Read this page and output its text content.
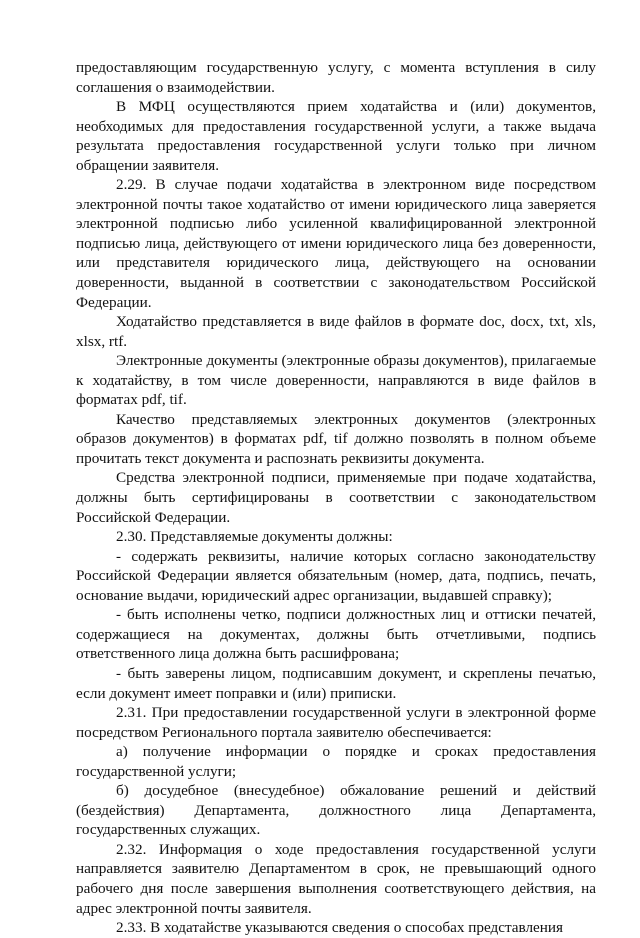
предоставляющим государственную услугу, с момента вступления в силу соглашения о взаимодействии.

В МФЦ осуществляются прием ходатайства и (или) документов, необходимых для предоставления государственной услуги, а также выдача результата предоставления государственной услуги только при личном обращении заявителя.

2.29. В случае подачи ходатайства в электронном виде посредством электронной почты такое ходатайство от имени юридического лица заверяется электронной подписью либо усиленной квалифицированной электронной подписью лица, действующего от имени юридического лица без доверенности, или представителя юридического лица, действующего на основании доверенности, выданной в соответствии с законодательством Российской Федерации.

Ходатайство представляется в виде файлов в формате doc, docx, txt, xls, xlsx, rtf.

Электронные документы (электронные образы документов), прилагаемые к ходатайству, в том числе доверенности, направляются в виде файлов в форматах pdf, tif.

Качество представляемых электронных документов (электронных образов документов) в форматах pdf, tif должно позволять в полном объеме прочитать текст документа и распознать реквизиты документа.

Средства электронной подписи, применяемые при подаче ходатайства, должны быть сертифицированы в соответствии с законодательством Российской Федерации.

2.30. Представляемые документы должны:

- содержать реквизиты, наличие которых согласно законодательству Российской Федерации является обязательным (номер, дата, подпись, печать, основание выдачи, юридический адрес организации, выдавшей справку);

- быть исполнены четко, подписи должностных лиц и оттиски печатей, содержащиеся на документах, должны быть отчетливыми, подпись ответственного лица должна быть расшифрована;

- быть заверены лицом, подписавшим документ, и скреплены печатью, если документ имеет поправки и (или) приписки.

2.31. При предоставлении государственной услуги в электронной форме посредством Регионального портала заявителю обеспечивается:

а) получение информации о порядке и сроках предоставления государственной услуги;

б) досудебное (внесудебное) обжалование решений и действий (бездействия) Департамента, должностного лица Департамента, государственных служащих.

2.32. Информация о ходе предоставления государственной услуги направляется заявителю Департаментом в срок, не превышающий одного рабочего дня после завершения выполнения соответствующего действия, на адрес электронной почты заявителя.

2.33. В ходатайстве указываются сведения о способах представления
